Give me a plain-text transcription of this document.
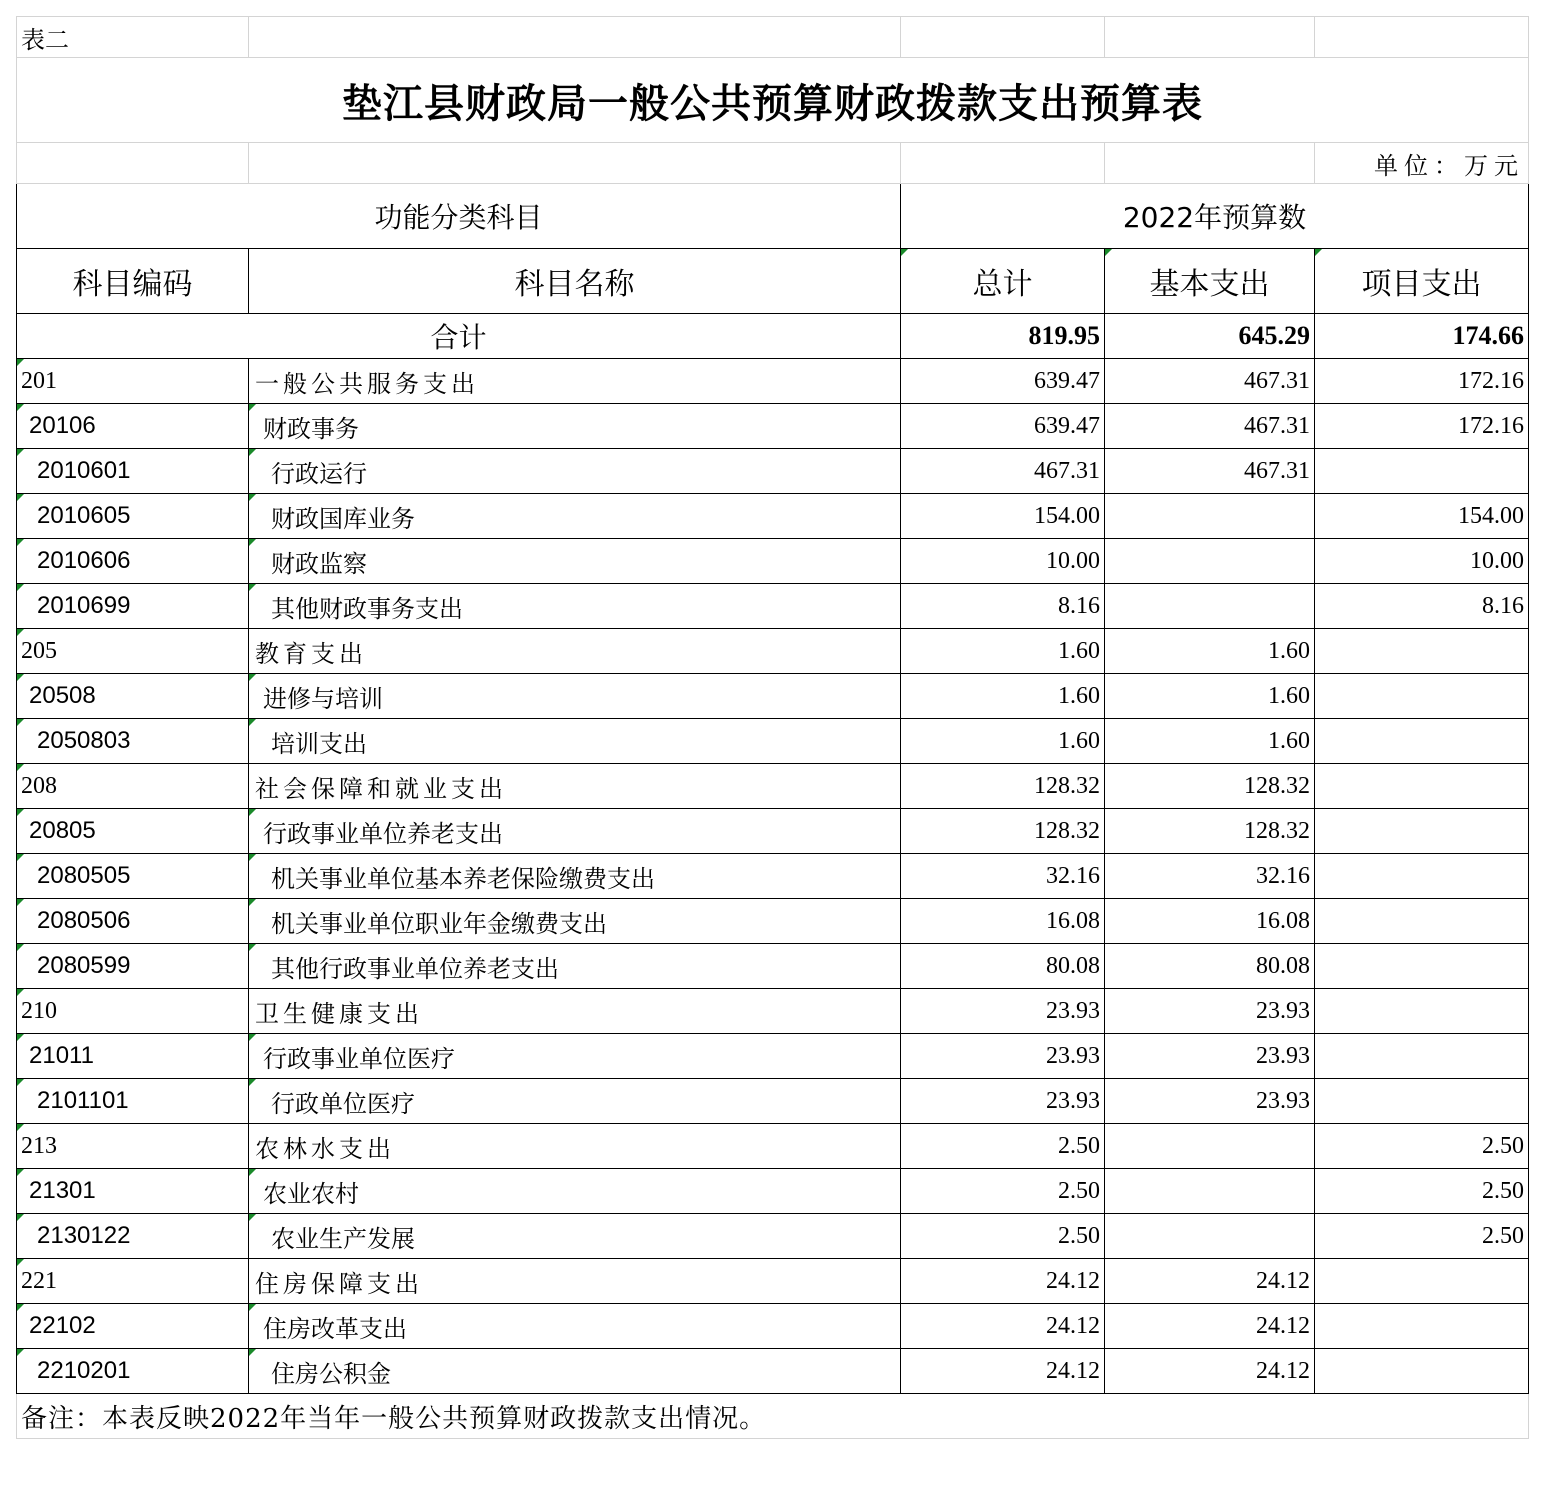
表二				
垫江县财政局一般公共预算财政拨款支出预算表				
				单位：万元
功能分类科目		2022年预算数		
科目编码	科目名称	总计	基本支出	项目支出
合计		819.95	645.29	174.66
201	一般公共服务支出	639.47	467.31	172.16
20106	财政事务	639.47	467.31	172.16
2010601	行政运行	467.31	467.31	
2010605	财政国库业务	154.00		154.00
2010606	财政监察	10.00		10.00
2010699	其他财政事务支出	8.16		8.16
205	教育支出	1.60	1.60	
20508	进修与培训	1.60	1.60	
2050803	培训支出	1.60	1.60	
208	社会保障和就业支出	128.32	128.32	
20805	行政事业单位养老支出	128.32	128.32	
2080505	机关事业单位基本养老保险缴费支出	32.16	32.16	
2080506	机关事业单位职业年金缴费支出	16.08	16.08	
2080599	其他行政事业单位养老支出	80.08	80.08	
210	卫生健康支出	23.93	23.93	
21011	行政事业单位医疗	23.93	23.93	
2101101	行政单位医疗	23.93	23.93	
213	农林水支出	2.50		2.50
21301	农业农村	2.50		2.50
2130122	农业生产发展	2.50		2.50
221	住房保障支出	24.12	24.12	
22102	住房改革支出	24.12	24.12	
2210201	住房公积金	24.12	24.12	
备注：本表反映2022年当年一般公共预算财政拨款支出情况。				
